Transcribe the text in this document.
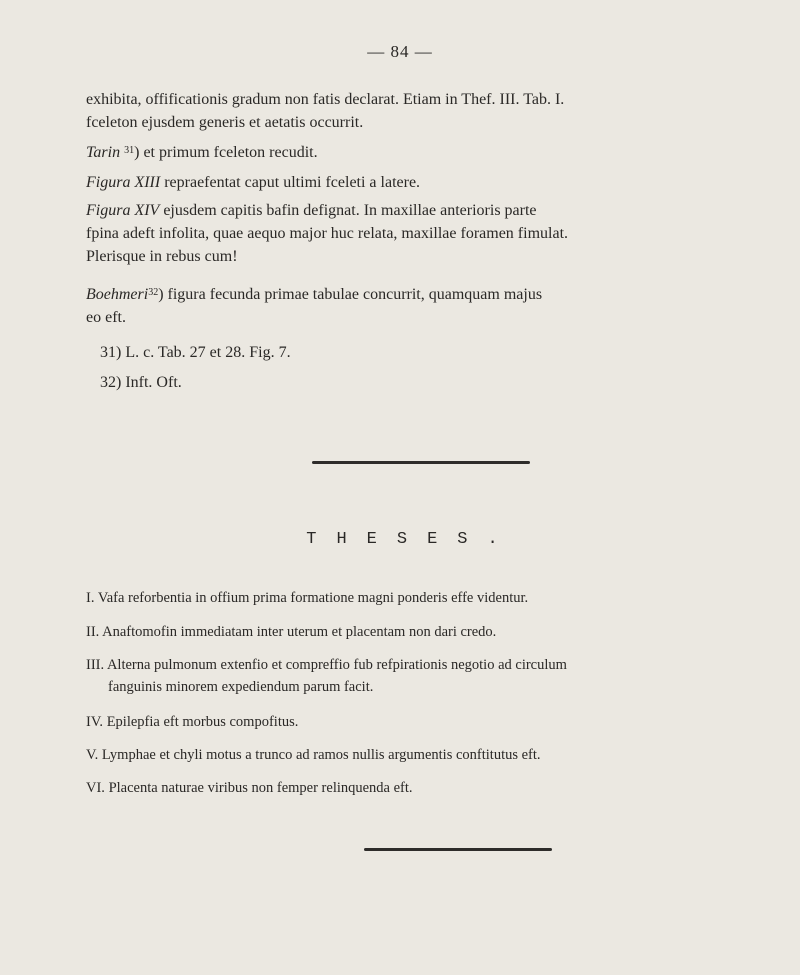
— 84 —
exhibita, offificationis gradum non fatis declarat. Etiam in Thef. III. Tab. I.
fceleton ejusdem generis et aetatis occurrit.
Tarin $^{31}$) et primum fceleton recudit.
Figura XIII repraefentat caput ultimi fceleti a latere.
Figura XIV ejusdem capitis bafin defignat. In maxillae anterioris parte
fpina adeft infolita, quae aequo major huc relata, maxillae foramen fimulat.
Plerisque in rebus cum!
Boehmeri$^{32}$) figura fecunda primae tabulae concurrit, quamquam majus
eo eft.
31) L. c. Tab. 27 et 28. Fig. 7.
32) Inft. Oft.
THESES.
I. Vafa reforbentia in offium prima formatione magni ponderis effe videntur.
II. Anaftomofin immediatam inter uterum et placentam non dari credo.
III. Alterna pulmonum extenfio et compreffio fub refpirationis negotio ad circulum
fanguinis minorem expediendum parum facit.
IV. Epilepfia eft morbus compofitus.
V. Lymphae et chyli motus a trunco ad ramos nullis argumentis conftitutus eft.
VI. Placenta naturae viribus non femper relinquenda eft.
